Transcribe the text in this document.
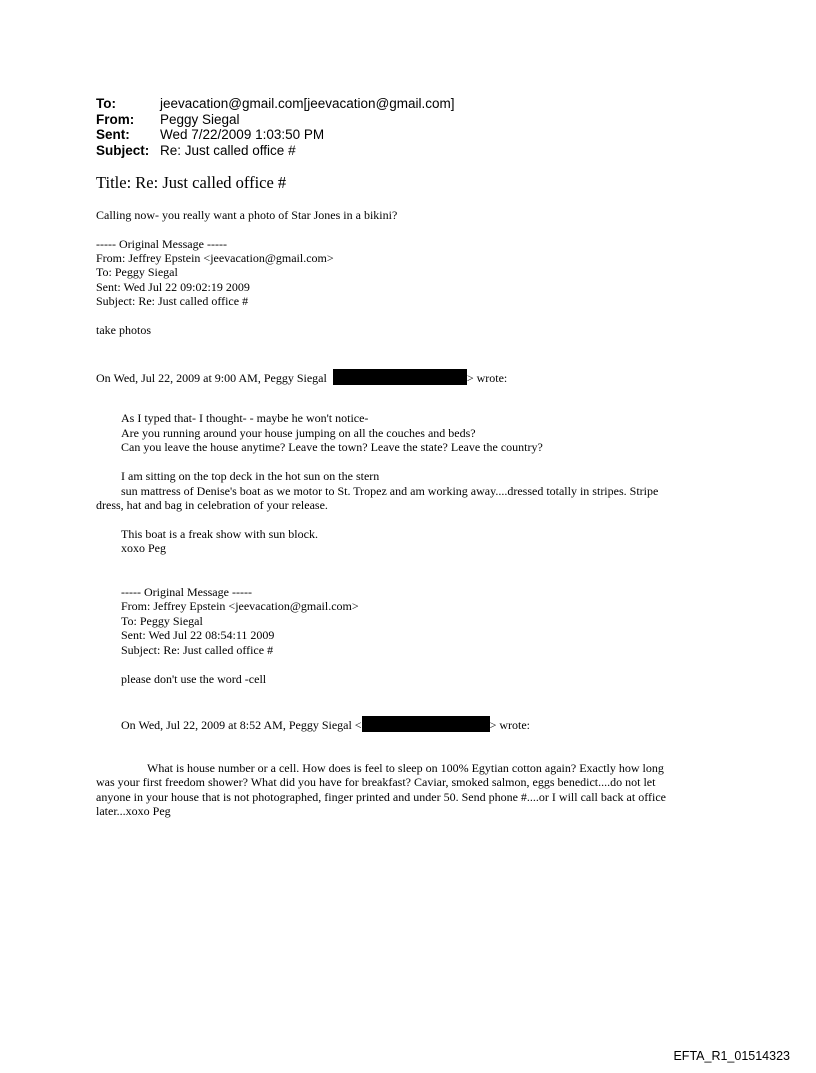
To:	jeevacation@gmail.com[jeevacation@gmail.com]
From:	Peggy Siegal
Sent:	Wed 7/22/2009 1:03:50 PM
Subject: Re: Just called office #
Title: Re: Just called office #
Calling now- you really want a photo of Star Jones in a bikini?
----- Original Message -----
From: Jeffrey Epstein <jeevacation@gmail.com>
To: Peggy Siegal
Sent: Wed Jul 22 09:02:19 2009
Subject: Re: Just called office #
take photos
On Wed, Jul 22, 2009 at 9:00 AM, Peggy Siegal	> wrote:
As I typed that- I thought- - maybe he won't notice-
Are you running around your house jumping on all the couches and beds?
Can you leave the house anytime? Leave the town? Leave the state? Leave the country?
I am sitting on the top deck in the hot sun on the stern
sun mattress of Denise's boat as we motor to St. Tropez and am working away....dressed totally in stripes. Stripe
dress, hat and bag in celebration of your release.
This boat is a freak show with sun block.
xoxo Peg
----- Original Message -----
From: Jeffrey Epstein <jeevacation@gmail.com>
To: Peggy Siegal
Sent: Wed Jul 22 08:54:11 2009
Subject: Re: Just called office #
please don't use the word -cell
On Wed, Jul 22, 2009 at 8:52 AM, Peggy Siegal <	> wrote:
What is house number or a cell. How does is feel to sleep on 100% Egytian cotton again? Exactly how long
was your first freedom shower? What did you have for breakfast? Caviar, smoked salmon, eggs benedict....do not let
anyone in your house that is not photographed, finger printed and under 50. Send phone #....or I will call back at office
later...xoxo Peg
EFTA_R1_01514323
